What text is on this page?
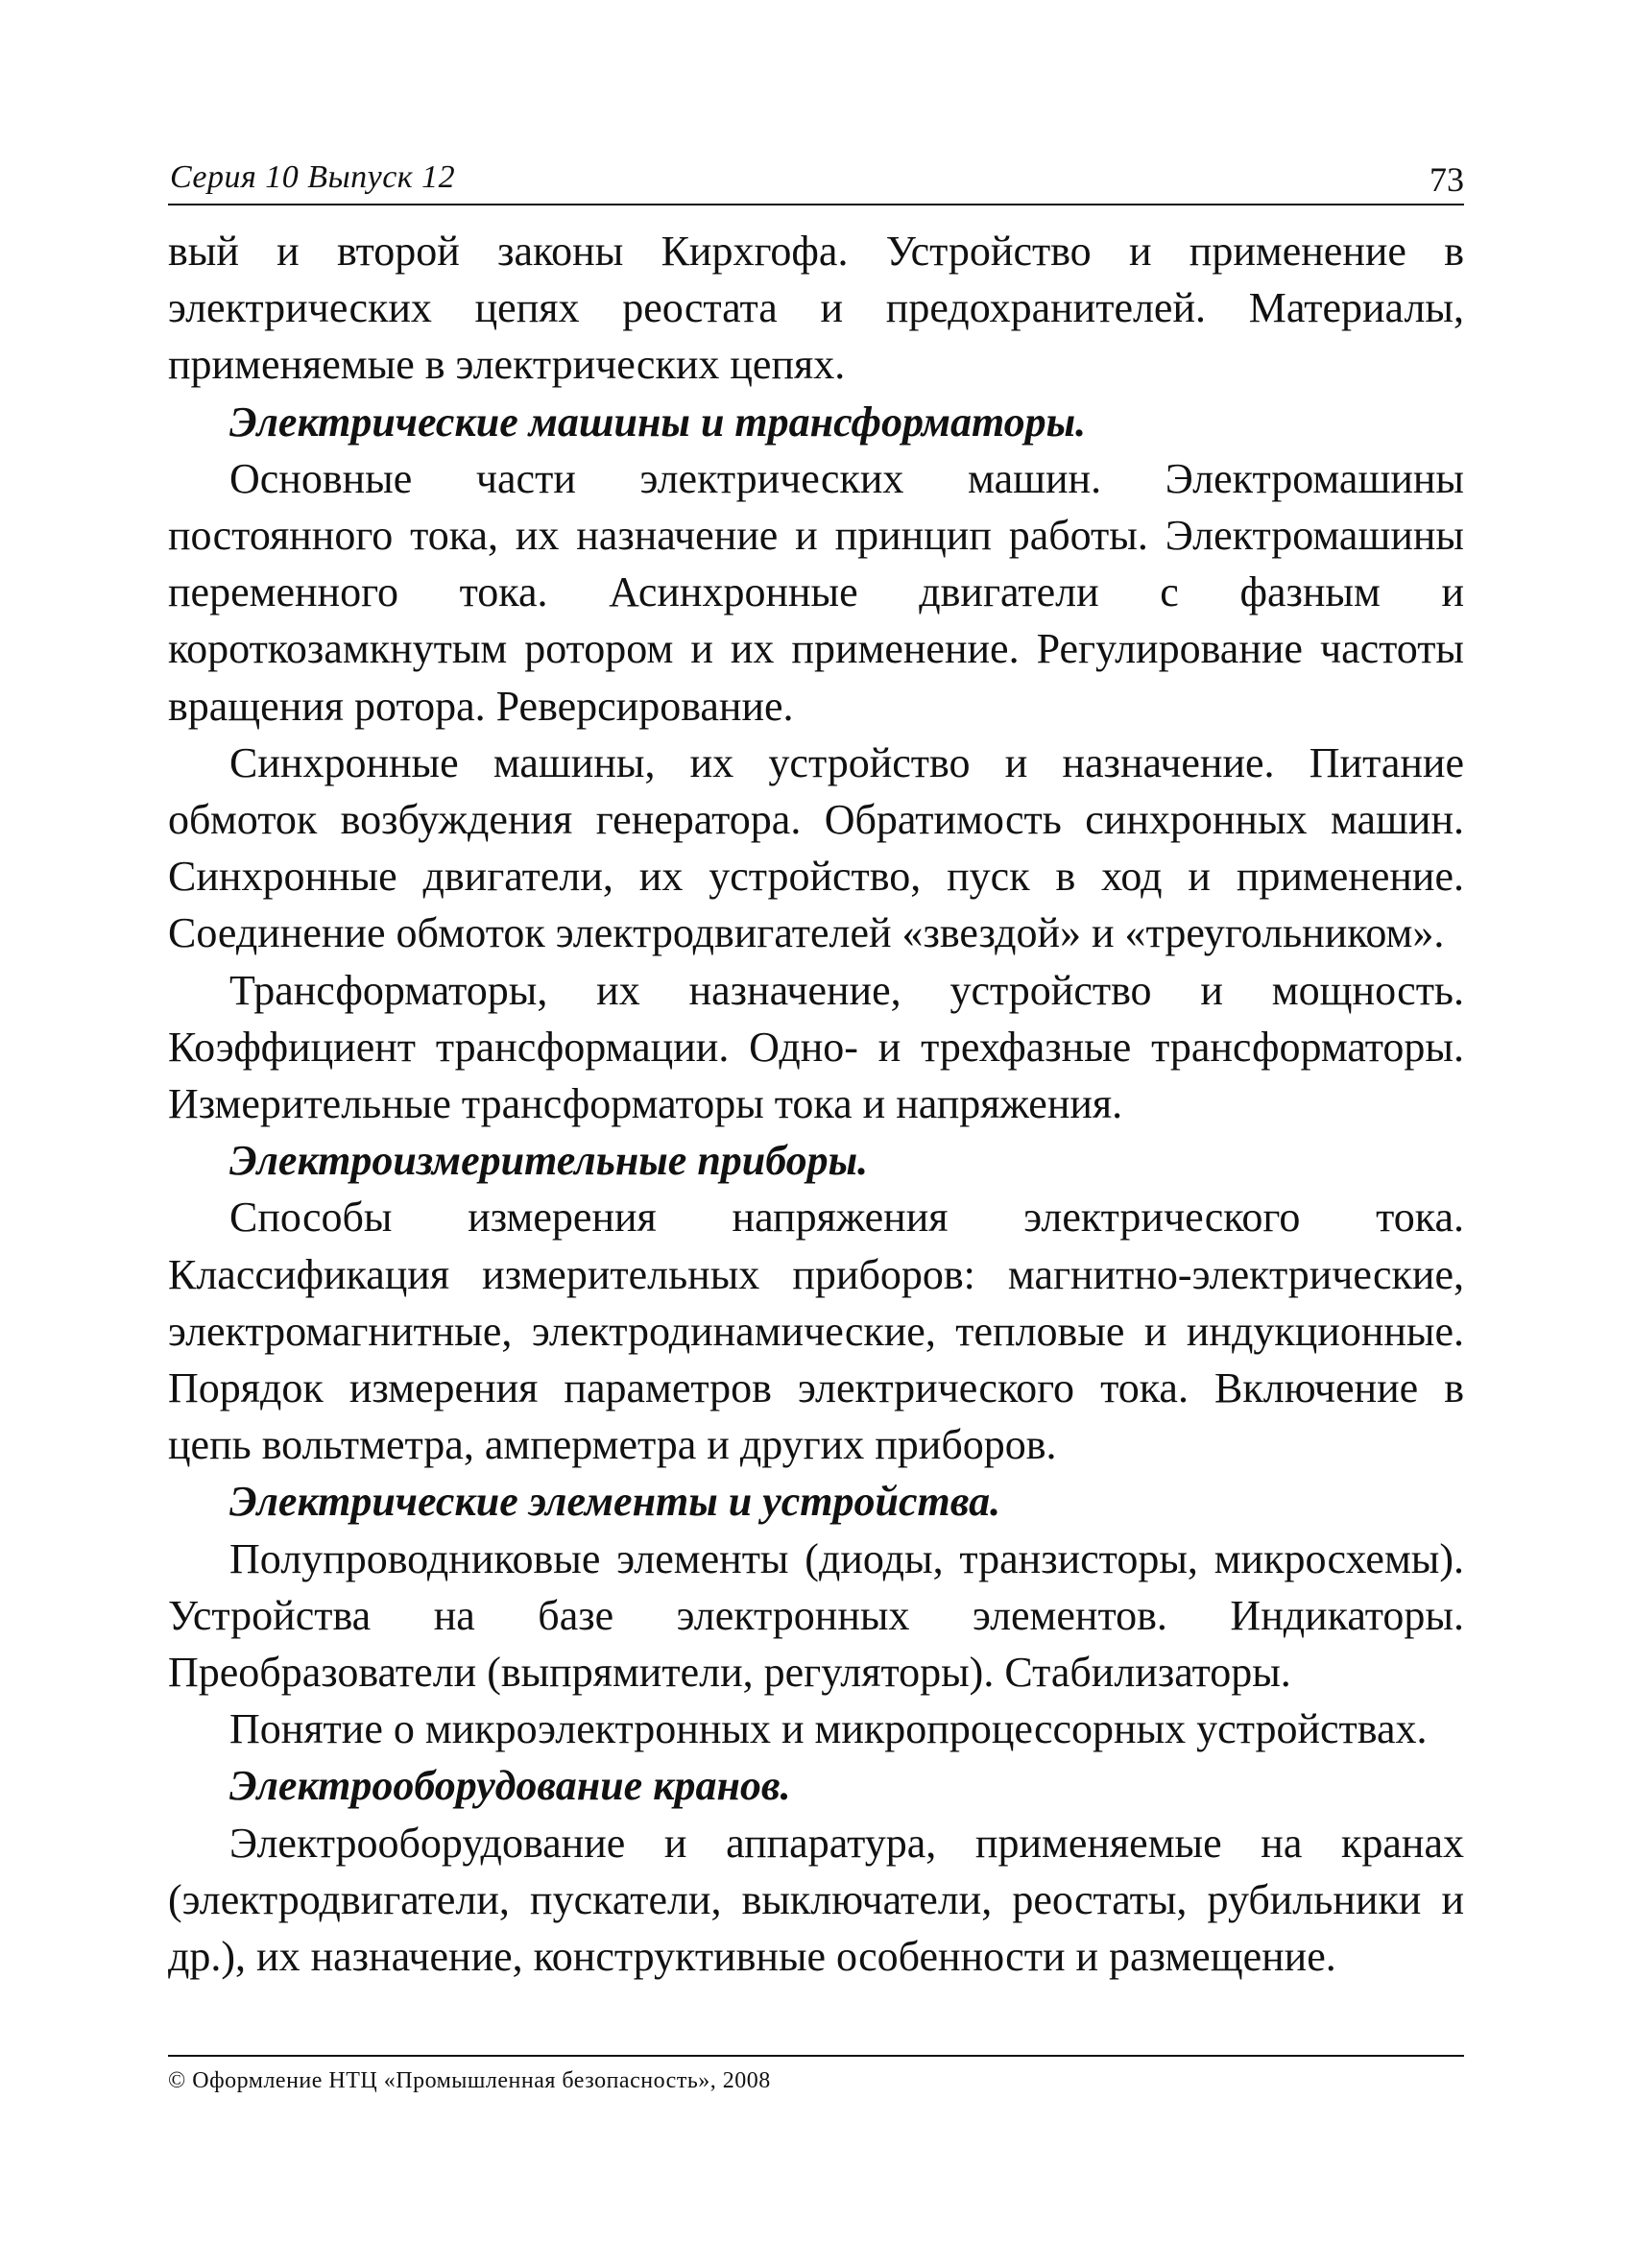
Серия 10 Выпуск 12	73

вый и второй законы Кирхгофа. Устройство и применение в электрических цепях реостата и предохранителей. Материалы, применяемые в электрических цепях.

Электрические машины и трансформаторы.

Основные части электрических машин. Электромашины постоянного тока, их назначение и принцип работы. Электромашины переменного тока. Асинхронные двигатели с фазным и короткозамкнутым ротором и их применение. Регулирование частоты вращения ротора. Реверсирование.

Синхронные машины, их устройство и назначение. Питание обмоток возбуждения генератора. Обратимость синхронных машин. Синхронные двигатели, их устройство, пуск в ход и применение. Соединение обмоток электродвигателей «звездой» и «треугольником».

Трансформаторы, их назначение, устройство и мощность. Коэффициент трансформации. Одно- и трехфазные трансформаторы. Измерительные трансформаторы тока и напряжения.

Электроизмерительные приборы.

Способы измерения напряжения электрического тока. Классификация измерительных приборов: магнитно-электрические, электромагнитные, электродинамические, тепловые и индукционные. Порядок измерения параметров электрического тока. Включение в цепь вольтметра, амперметра и других приборов.

Электрические элементы и устройства.

Полупроводниковые элементы (диоды, транзисторы, микросхемы). Устройства на базе электронных элементов. Индикаторы. Преобразователи (выпрямители, регуляторы). Стабилизаторы.

Понятие о микроэлектронных и микропроцессорных устройствах.

Электрооборудование кранов.

Электрооборудование и аппаратура, применяемые на кранах (электродвигатели, пускатели, выключатели, реостаты, рубильники и др.), их назначение, конструктивные особенности и размещение.

© Оформление НТЦ «Промышленная безопасность», 2008
